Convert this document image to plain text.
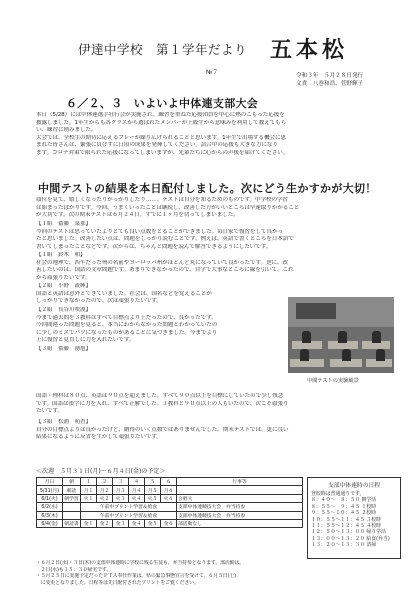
伊達中学校　第１学年だより 五本松
№７	令和３年　５月２８日発行
文責　八巻和浩、菅野輝子
６／２、３　いよいよ中体連支部大会
本日（5/28）には中体連選手壮行会が実施され、練習を重ねた応援団員を中心に熱のこもった応援を
披露しました。1年生からも各クラスから選ばれたメンバーが上級生から意味みを利用して教えてもら
い、練習に励みました。
大会では、全校生の期待に応えるプレーが繰り広げられることと思います。1年生で出場する機会に恵
まれた皆さんは、緊張に負けずに日頃の成果を発揮してください。試合中の応援も大きな力になり
ます。コロナ対策で限られた応援になってしまいますが、先輩たちに心からの声援を届けてください。
中間テストの結果を本日配付しました。次にどう生かすかが大切！
頑位を見て、嬉しくなったりがっかりしたり……。テストは自分を知るためのものです。中学校の学習
は始まったばかりです。今回、うまくいったことは継続し、改善した方がいいところは早速取りかかること
が大切です。次の期末テストは６月２４日。すでに１ヶ月を切ってしまいました。
【１組　齋藤　菜那】
今回のテストは思っていたよりとても良い点数をとることができました。毎日家で復習をして良かっ
たと思いました。改善したい点は、問題をしっかり読むことです。例えば、英語で書くところを日本語で
書いてしまったことなどです。次からは、ちゃんと問題を読んで解答できるようにしたいです。
【１組　鈴木　和】
社会の地理で、西半だった州の名前やヨーロッパ州がほとんど丸になっていて良かったです。逆に、改
善したいのは、国語の文章問題です。あまりできなかったので、自学で大事なところに線を引いて、これ
から頑張りたいです。
【２組　小野　流輝】
国語と英語は意外とできていました。社会は、国名などを覚えることが
しっかりできなかったので、次は頑張りたいです。
【２組　長谷川咲波】
今まで過去問を３教科はすべて目標点より上だったので、良かったです。
今回間違った問題を見ると、本当にわからなかった問題とわかっていたの
に少しのミスでバツになったものがあることに気づきました。今までより
上に復習と見直しに力を入れたいです。
【３組　齋藤　湧旭】
国語・理科は８０点、英語は９０点を超えました。すべて９０点以上を目標にしていたので少し残念
です。国語は漢字に力を入れ、すべて正解でした。３教科と９０点以上の人もいたので、次こそ頑張り
たいです。
【３組　松浦　萌香】
自分の目標点よりは良かったけど、納得のいく点数ではありませんでした。期末テストでは、更に良い
結果になるように反省を生かして頑張りたいです。
中間テストの実験風景
＜次週　５月３１日(月)～６月４日(金)の予定＞
月日	朝	１	２	３	４	５	６	行事等
5/31(月)	朝読	月１	月２	月３	月４	月５	月６	
6/1(火)	朝学習	火１	火２	火３	火４	火５	火６	合唱大
6/2(水)		午前中プリント学習＆給食						支部中体連競技大会　弁当持参
6/3(木)		午前中プリント学習＆給食						支部中体連競技大会　弁当持参
6/4(金)	朝読書	金１	金２	金３	金４	金５	金６	部活動なし
支部中体連時の日程
登校時は普通通りです。
８：４０～　８：５０ 朝学活
８：５５～　９：４５ １校時
９：５５～１０：４５ ２校時
１０：５５～１１：４５ ３校時
１１：５５～１２：４５ ４校時
１２：５０～１３：００ 帰り学活
１３：００～１３：２０ 給食(弁当)
１３：２０～１３：３０ 清掃
・６月２日(水)・３日(木)の支部中体連時に学校に残る生徒も、弁当持参となります。部活動は、
　２日(水)も１５：３０帰宅です。
・５月２５日に実施予定だったＰＴＡ奉仕作業は、県の緊急事態宣言を受けて、６月５日(土)
　に変更となりました。日程等は先日配付されたプリントをご覧ください。
